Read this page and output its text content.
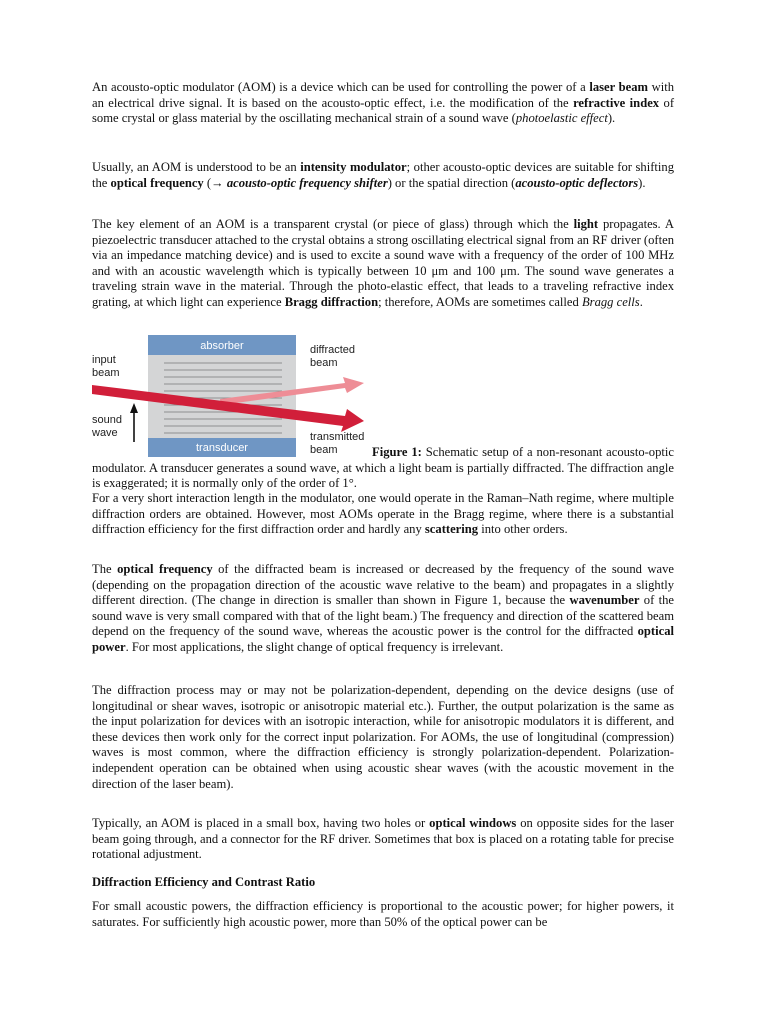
An acousto-optic modulator (AOM) is a device which can be used for controlling the power of a laser beam with an electrical drive signal. It is based on the acousto-optic effect, i.e. the modification of the refractive index of some crystal or glass material by the oscillating mechanical strain of a sound wave (photoelastic effect).
Usually, an AOM is understood to be an intensity modulator; other acousto-optic devices are suitable for shifting the optical frequency (→ acousto-optic frequency shifter) or the spatial direction (acousto-optic deflectors).
The key element of an AOM is a transparent crystal (or piece of glass) through which the light propagates. A piezoelectric transducer attached to the crystal obtains a strong oscillating electrical signal from an RF driver (often via an impedance matching device) and is used to excite a sound wave with a frequency of the order of 100 MHz and with an acoustic wavelength which is typically between 10 μm and 100 μm. The sound wave generates a traveling strain wave in the material. Through the photo-elastic effect, that leads to a traveling refractive index grating, at which light can experience Bragg diffraction; therefore, AOMs are sometimes called Bragg cells.
absorber
transducer
input
beam
sound
wave
diffracted
beam
transmitted
beam	Figure 1: Schematic setup of a non-resonant acousto-optic modulator. A transducer generates a sound wave, at which a light beam is partially diffracted. The diffraction angle is exaggerated; it is normally only of the order of 1°.
For a very short interaction length in the modulator, one would operate in the Raman–Nath regime, where multiple diffraction orders are obtained. However, most AOMs operate in the Bragg regime, where there is a substantial diffraction efficiency for the first diffraction order and hardly any scattering into other orders.
The optical frequency of the diffracted beam is increased or decreased by the frequency of the sound wave (depending on the propagation direction of the acoustic wave relative to the beam) and propagates in a slightly different direction. (The change in direction is smaller than shown in Figure 1, because the wavenumber of the sound wave is very small compared with that of the light beam.) The frequency and direction of the scattered beam depend on the frequency of the sound wave, whereas the acoustic power is the control for the diffracted optical power. For most applications, the slight change of optical frequency is irrelevant.
The diffraction process may or may not be polarization-dependent, depending on the device designs (use of longitudinal or shear waves, isotropic or anisotropic material etc.). Further, the output polarization is the same as the input polarization for devices with an isotropic interaction, while for anisotropic modulators it is different, and these devices then work only for the correct input polarization. For AOMs, the use of longitudinal (compression) waves is most common, where the diffraction efficiency is strongly polarization-dependent. Polarization-independent operation can be obtained when using acoustic shear waves (with the acoustic movement in the direction of the laser beam).
Typically, an AOM is placed in a small box, having two holes or optical windows on opposite sides for the laser beam going through, and a connector for the RF driver. Sometimes that box is placed on a rotating table for precise rotational adjustment.
Diffraction Efficiency and Contrast Ratio
For small acoustic powers, the diffraction efficiency is proportional to the acoustic power; for higher powers, it saturates. For sufficiently high acoustic power, more than 50% of the optical power can be
